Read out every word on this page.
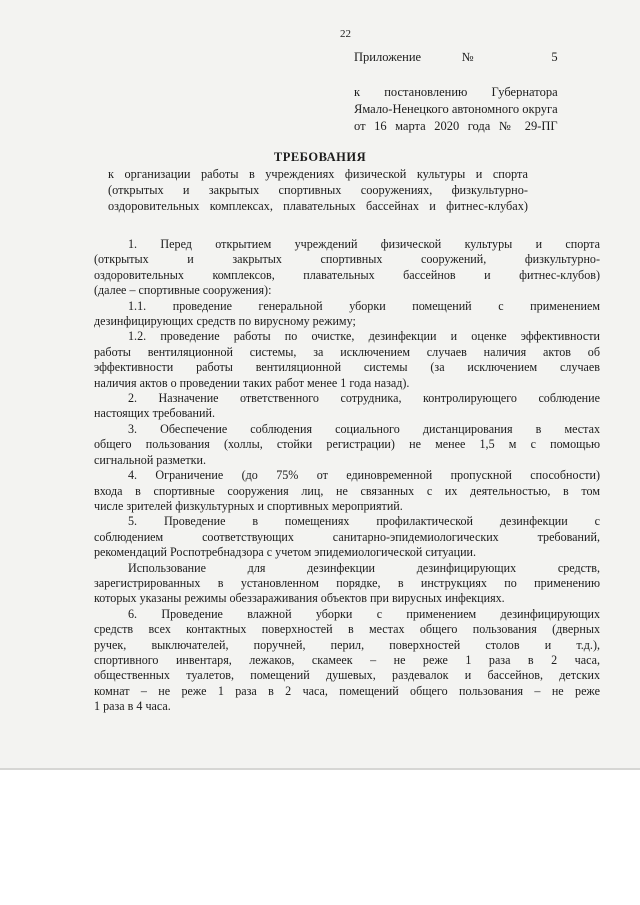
22
Приложение № 5
к постановлению Губернатора
Ямало-Ненецкого автономного округа
от 16 марта 2020 года № 29-ПГ
ТРЕБОВАНИЯ
к организации работы в учреждениях физической культуры и спорта
(открытых и закрытых спортивных сооружениях, физкультурно-
оздоровительных комплексах, плавательных бассейнах и фитнес-клубах)
1. Перед открытием учреждений физической культуры и спорта
(открытых и закрытых спортивных сооружений, физкультурно-
оздоровительных комплексов, плавательных бассейнов и фитнес-клубов)
(далее – спортивные сооружения):
1.1. проведение генеральной уборки помещений с применением
дезинфицирующих средств по вирусному режиму;
1.2. проведение работы по очистке, дезинфекции и оценке эффективности
работы вентиляционной системы, за исключением случаев наличия актов об
эффективности работы вентиляционной системы (за исключением случаев
наличия актов о проведении таких работ менее 1 года назад).
2. Назначение ответственного сотрудника, контролирующего соблюдение
настоящих требований.
3. Обеспечение соблюдения социального дистанцирования в местах
общего пользования (холлы, стойки регистрации) не менее 1,5 м с помощью
сигнальной разметки.
4. Ограничение (до 75% от единовременной пропускной способности)
входа в спортивные сооружения лиц, не связанных с их деятельностью, в том
числе зрителей физкультурных и спортивных мероприятий.
5. Проведение в помещениях профилактической дезинфекции с
соблюдением соответствующих санитарно-эпидемиологических требований,
рекомендаций Роспотребнадзора с учетом эпидемиологической ситуации.
Использование для дезинфекции дезинфицирующих средств,
зарегистрированных в установленном порядке, в инструкциях по применению
которых указаны режимы обеззараживания объектов при вирусных инфекциях.
6. Проведение влажной уборки с применением дезинфицирующих
средств всех контактных поверхностей в местах общего пользования (дверных
ручек, выключателей, поручней, перил, поверхностей столов и т.д.),
спортивного инвентаря, лежаков, скамеек – не реже 1 раза в 2 часа,
общественных туалетов, помещений душевых, раздевалок и бассейнов, детских
комнат – не реже 1 раза в 2 часа, помещений общего пользования – не реже
1 раза в 4 часа.
